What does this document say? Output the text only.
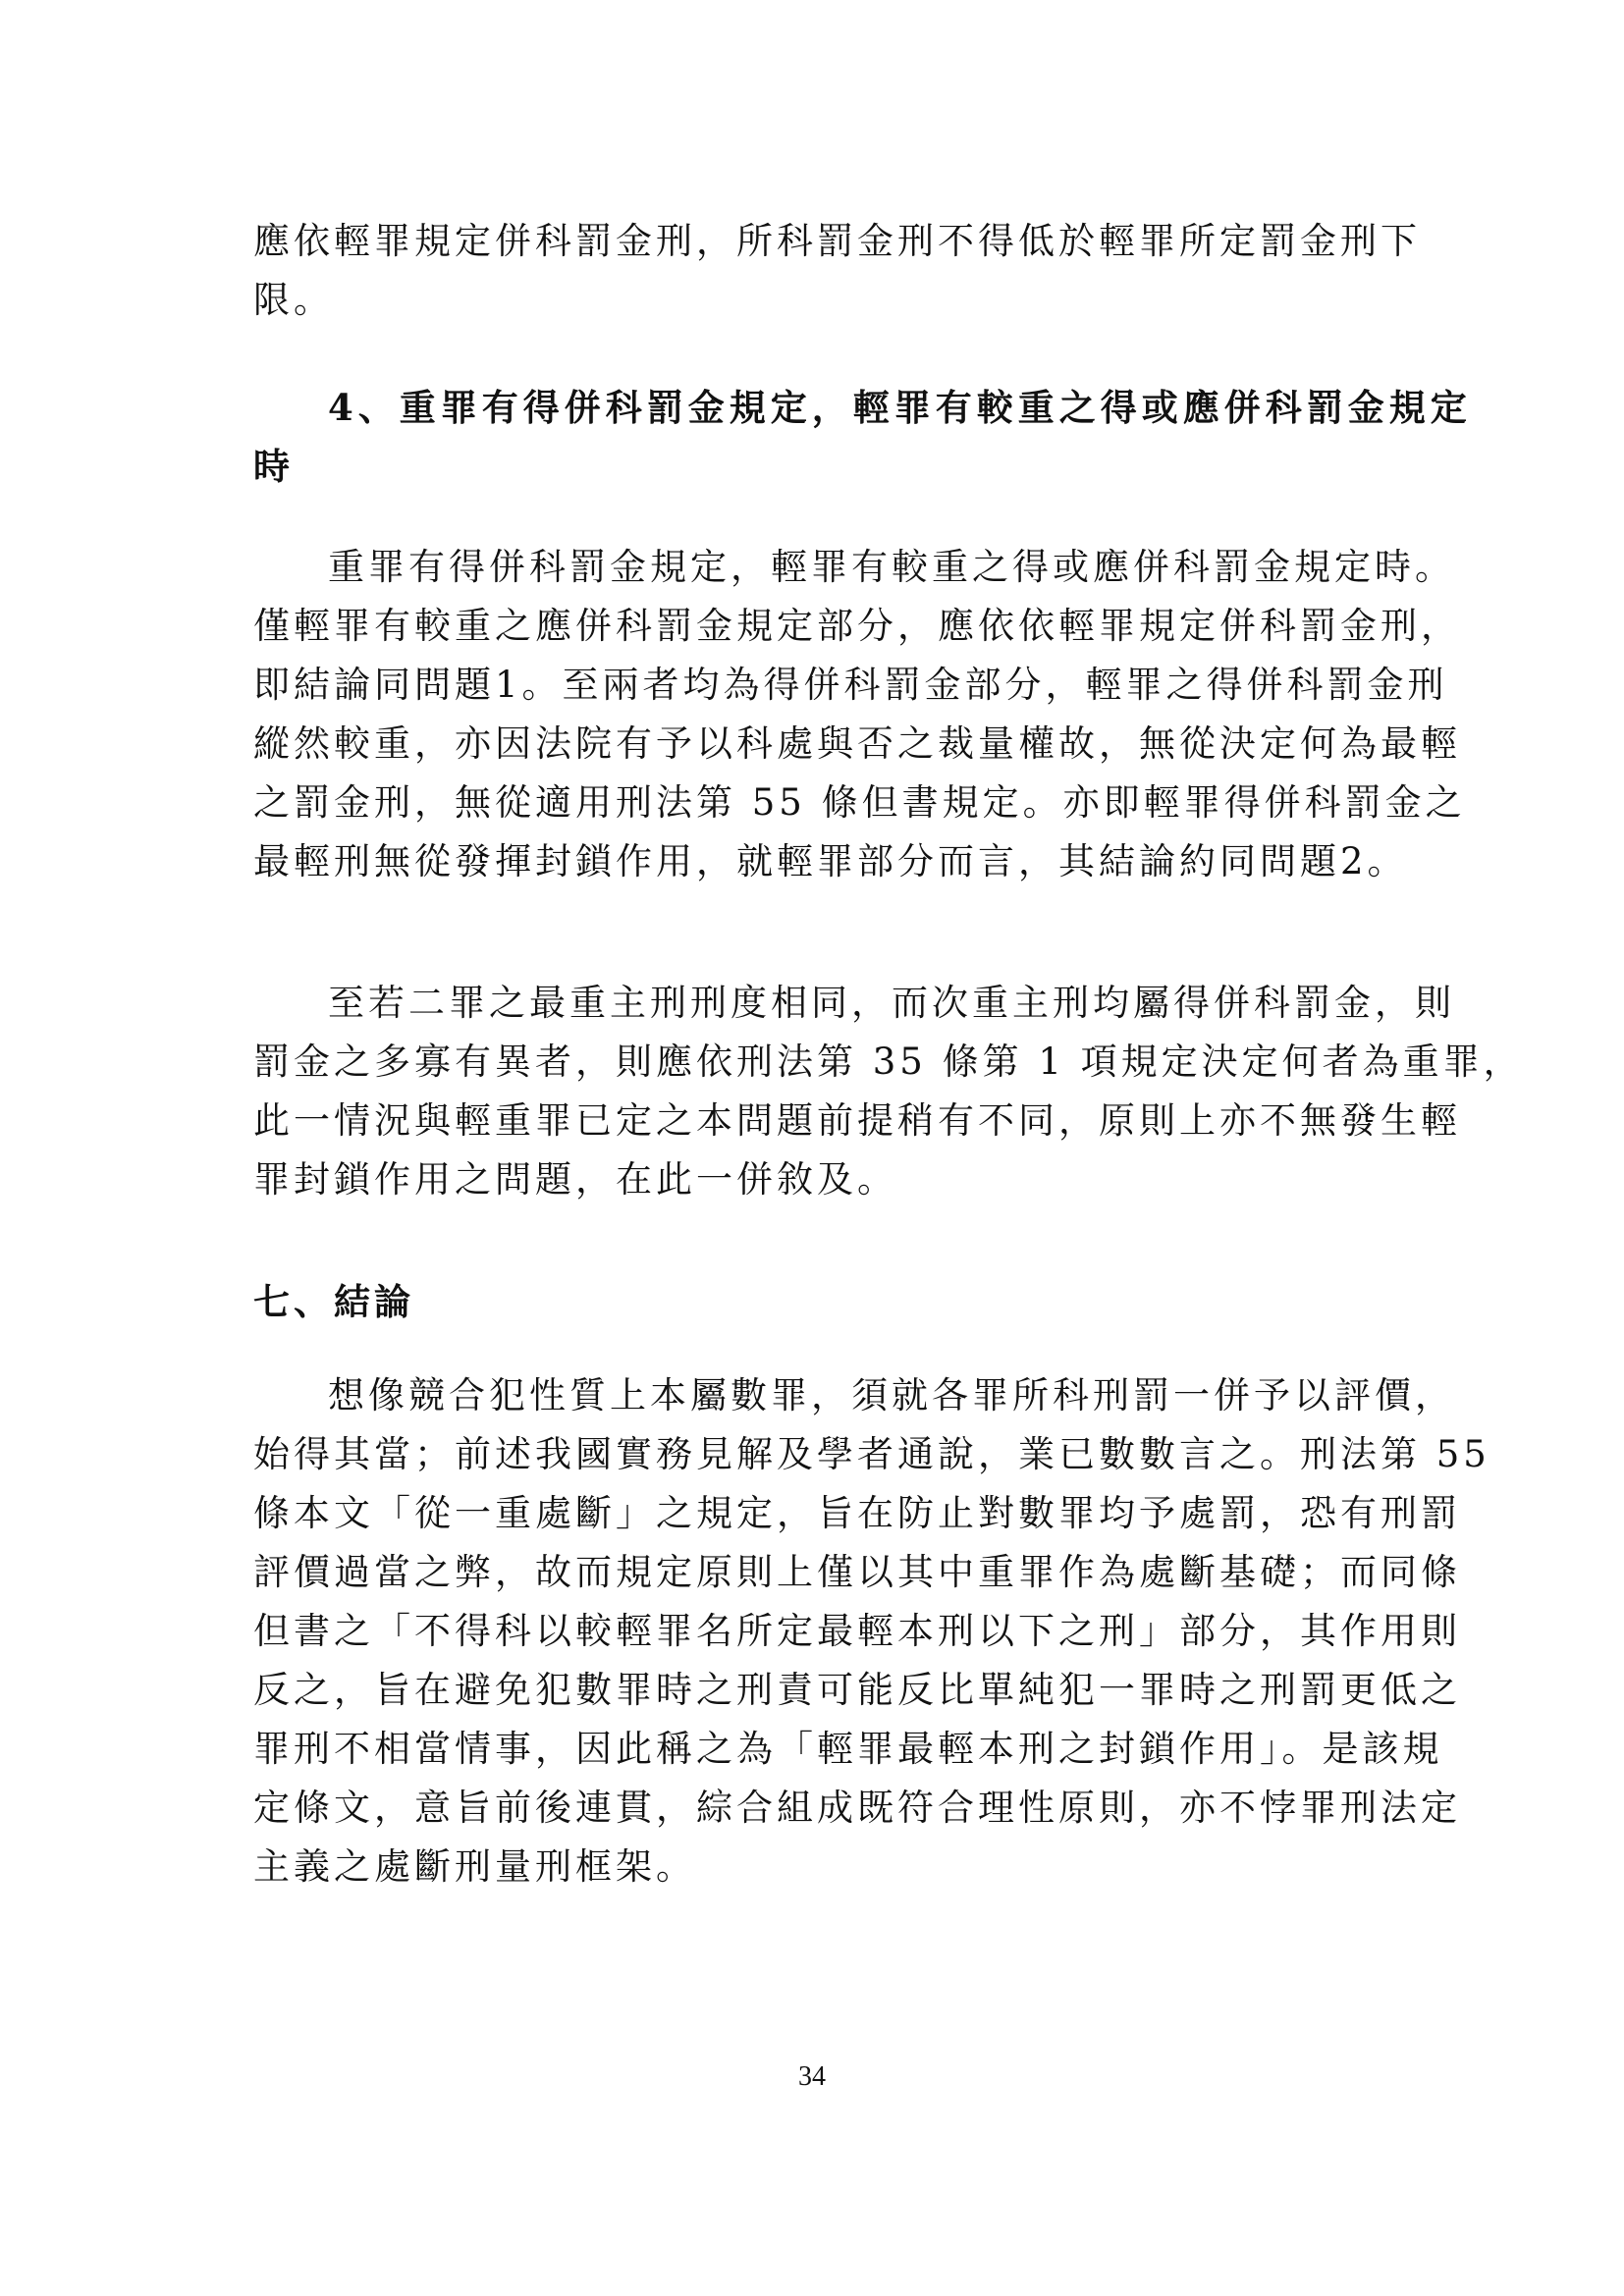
應依輕罪規定併科罰金刑，所科罰金刑不得低於輕罪所定罰金刑下
限。
4、重罪有得併科罰金規定，輕罪有較重之得或應併科罰金規定
時
重罪有得併科罰金規定，輕罪有較重之得或應併科罰金規定時。
僅輕罪有較重之應併科罰金規定部分，應依依輕罪規定併科罰金刑，
即結論同問題1。至兩者均為得併科罰金部分，輕罪之得併科罰金刑
縱然較重，亦因法院有予以科處與否之裁量權故，無從決定何為最輕
之罰金刑，無從適用刑法第 55 條但書規定。亦即輕罪得併科罰金之
最輕刑無從發揮封鎖作用，就輕罪部分而言，其結論約同問題2。
至若二罪之最重主刑刑度相同，而次重主刑均屬得併科罰金，則
罰金之多寡有異者，則應依刑法第 35 條第 1 項規定決定何者為重罪，
此一情況與輕重罪已定之本問題前提稍有不同，原則上亦不無發生輕
罪封鎖作用之問題，在此一併敘及。
七、結論
想像競合犯性質上本屬數罪，須就各罪所科刑罰一併予以評價，
始得其當；前述我國實務見解及學者通說，業已數數言之。刑法第 55
條本文「從一重處斷」之規定，旨在防止對數罪均予處罰，恐有刑罰
評價過當之弊，故而規定原則上僅以其中重罪作為處斷基礎；而同條
但書之「不得科以較輕罪名所定最輕本刑以下之刑」部分，其作用則
反之，旨在避免犯數罪時之刑責可能反比單純犯一罪時之刑罰更低之
罪刑不相當情事，因此稱之為「輕罪最輕本刑之封鎖作用」。是該規
定條文，意旨前後連貫，綜合組成既符合理性原則，亦不悖罪刑法定
主義之處斷刑量刑框架。
34
